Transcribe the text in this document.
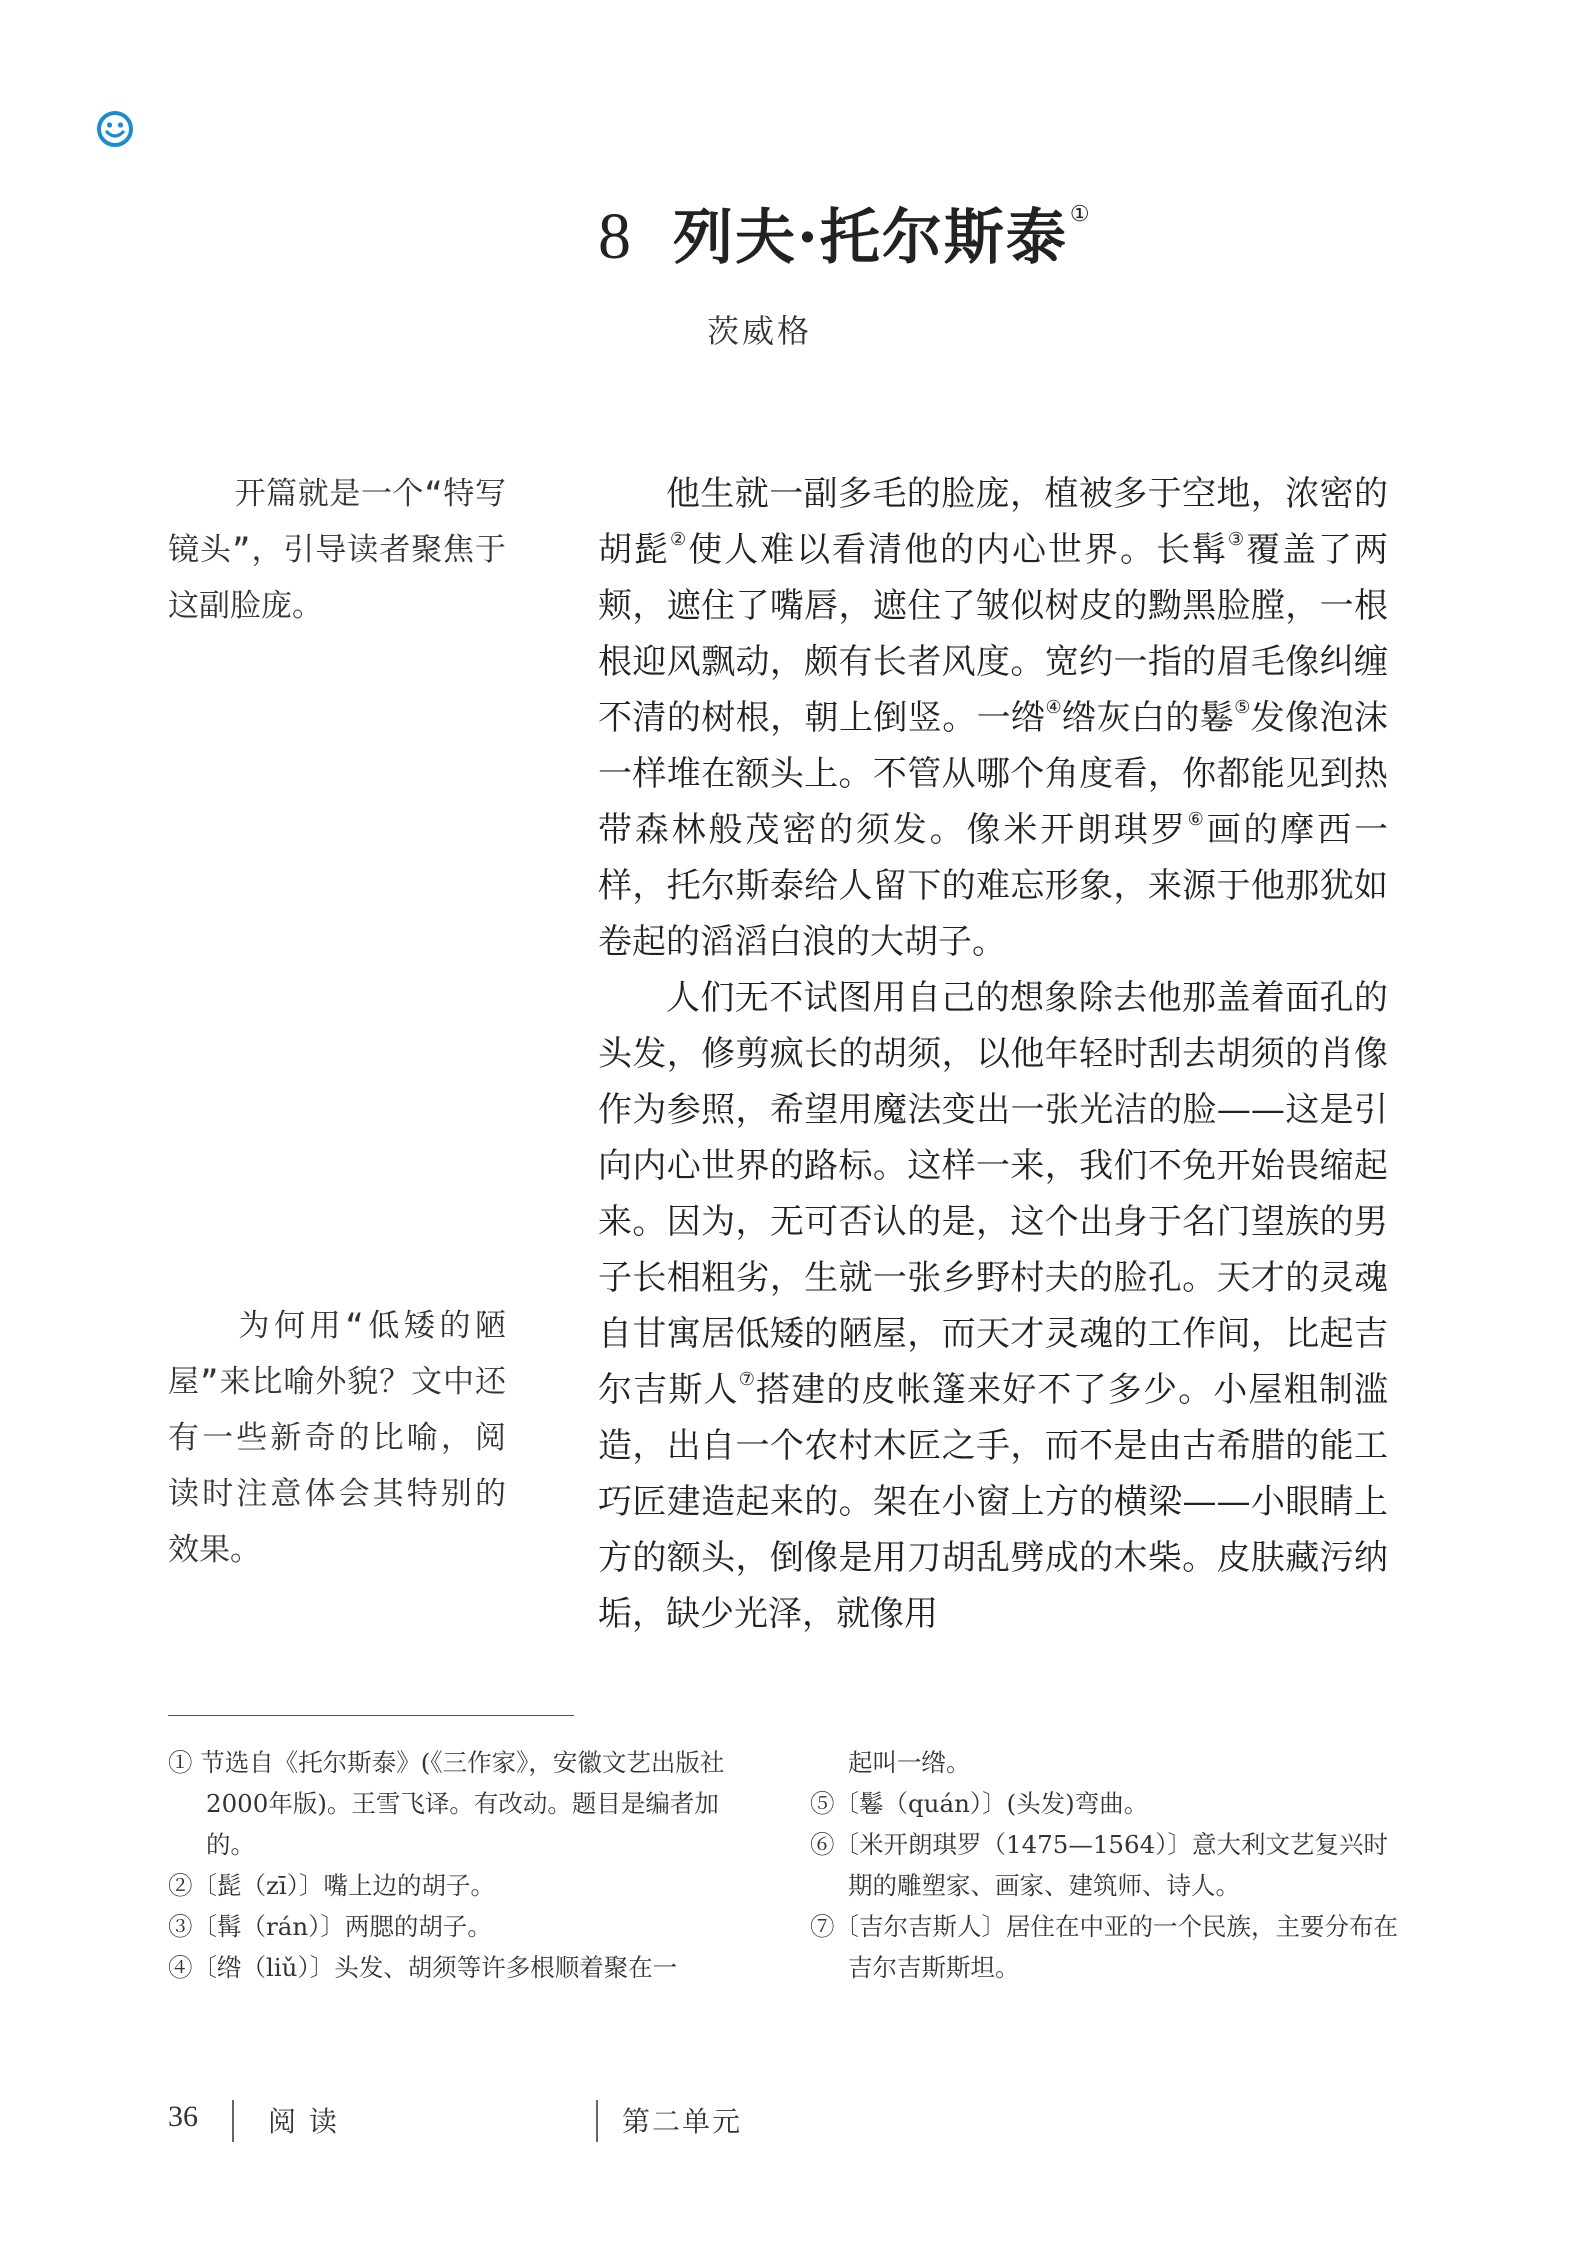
8 列夫·托尔斯泰①
茨威格
开篇就是一个“特写镜头”，引导读者聚焦于这副脸庞。
为何用“低矮的陋屋”来比喻外貌？文中还有一些新奇的比喻，阅读时注意体会其特别的效果。

他生就一副多毛的脸庞，植被多于空地，浓密的胡髭②使人难以看清他的内心世界。长髯③覆盖了两颊，遮住了嘴唇，遮住了皱似树皮的黝黑脸膛，一根根迎风飘动，颇有长者风度。宽约一指的眉毛像纠缠不清的树根，朝上倒竖。一绺④绺灰白的鬈⑤发像泡沫一样堆在额头上。不管从哪个角度看，你都能见到热带森林般茂密的须发。像米开朗琪罗⑥画的摩西一样，托尔斯泰给人留下的难忘形象，来源于他那犹如卷起的滔滔白浪的大胡子。

人们无不试图用自己的想象除去他那盖着面孔的头发，修剪疯长的胡须，以他年轻时刮去胡须的肖像作为参照，希望用魔法变出一张光洁的脸——这是引向内心世界的路标。这样一来，我们不免开始畏缩起来。因为，无可否认的是，这个出身于名门望族的男子长相粗劣，生就一张乡野村夫的脸孔。天才的灵魂自甘寓居低矮的陋屋，而天才灵魂的工作间，比起吉尔吉斯人⑦搭建的皮帐篷来好不了多少。小屋粗制滥造，出自一个农村木匠之手，而不是由古希腊的能工巧匠建造起来的。架在小窗上方的横梁——小眼睛上方的额头，倒像是用刀胡乱劈成的木柴。皮肤藏污纳垢，缺少光泽，就像用

① 节选自《托尔斯泰》(《三作家》，安徽文艺出版社2000年版)。王雪飞译。有改动。题目是编者加的。
②〔髭（zī）〕嘴上边的胡子。
③〔髯（rán）〕两腮的胡子。
④〔绺（liǔ）〕头发、胡须等许多根顺着聚在一
起叫一绺。
⑤〔鬈（quán）〕(头发)弯曲。
⑥〔米开朗琪罗（1475—1564）〕意大利文艺复兴时期的雕塑家、画家、建筑师、诗人。
⑦〔吉尔吉斯人〕居住在中亚的一个民族，主要分布在吉尔吉斯斯坦。
36	阅 读	第二单元
